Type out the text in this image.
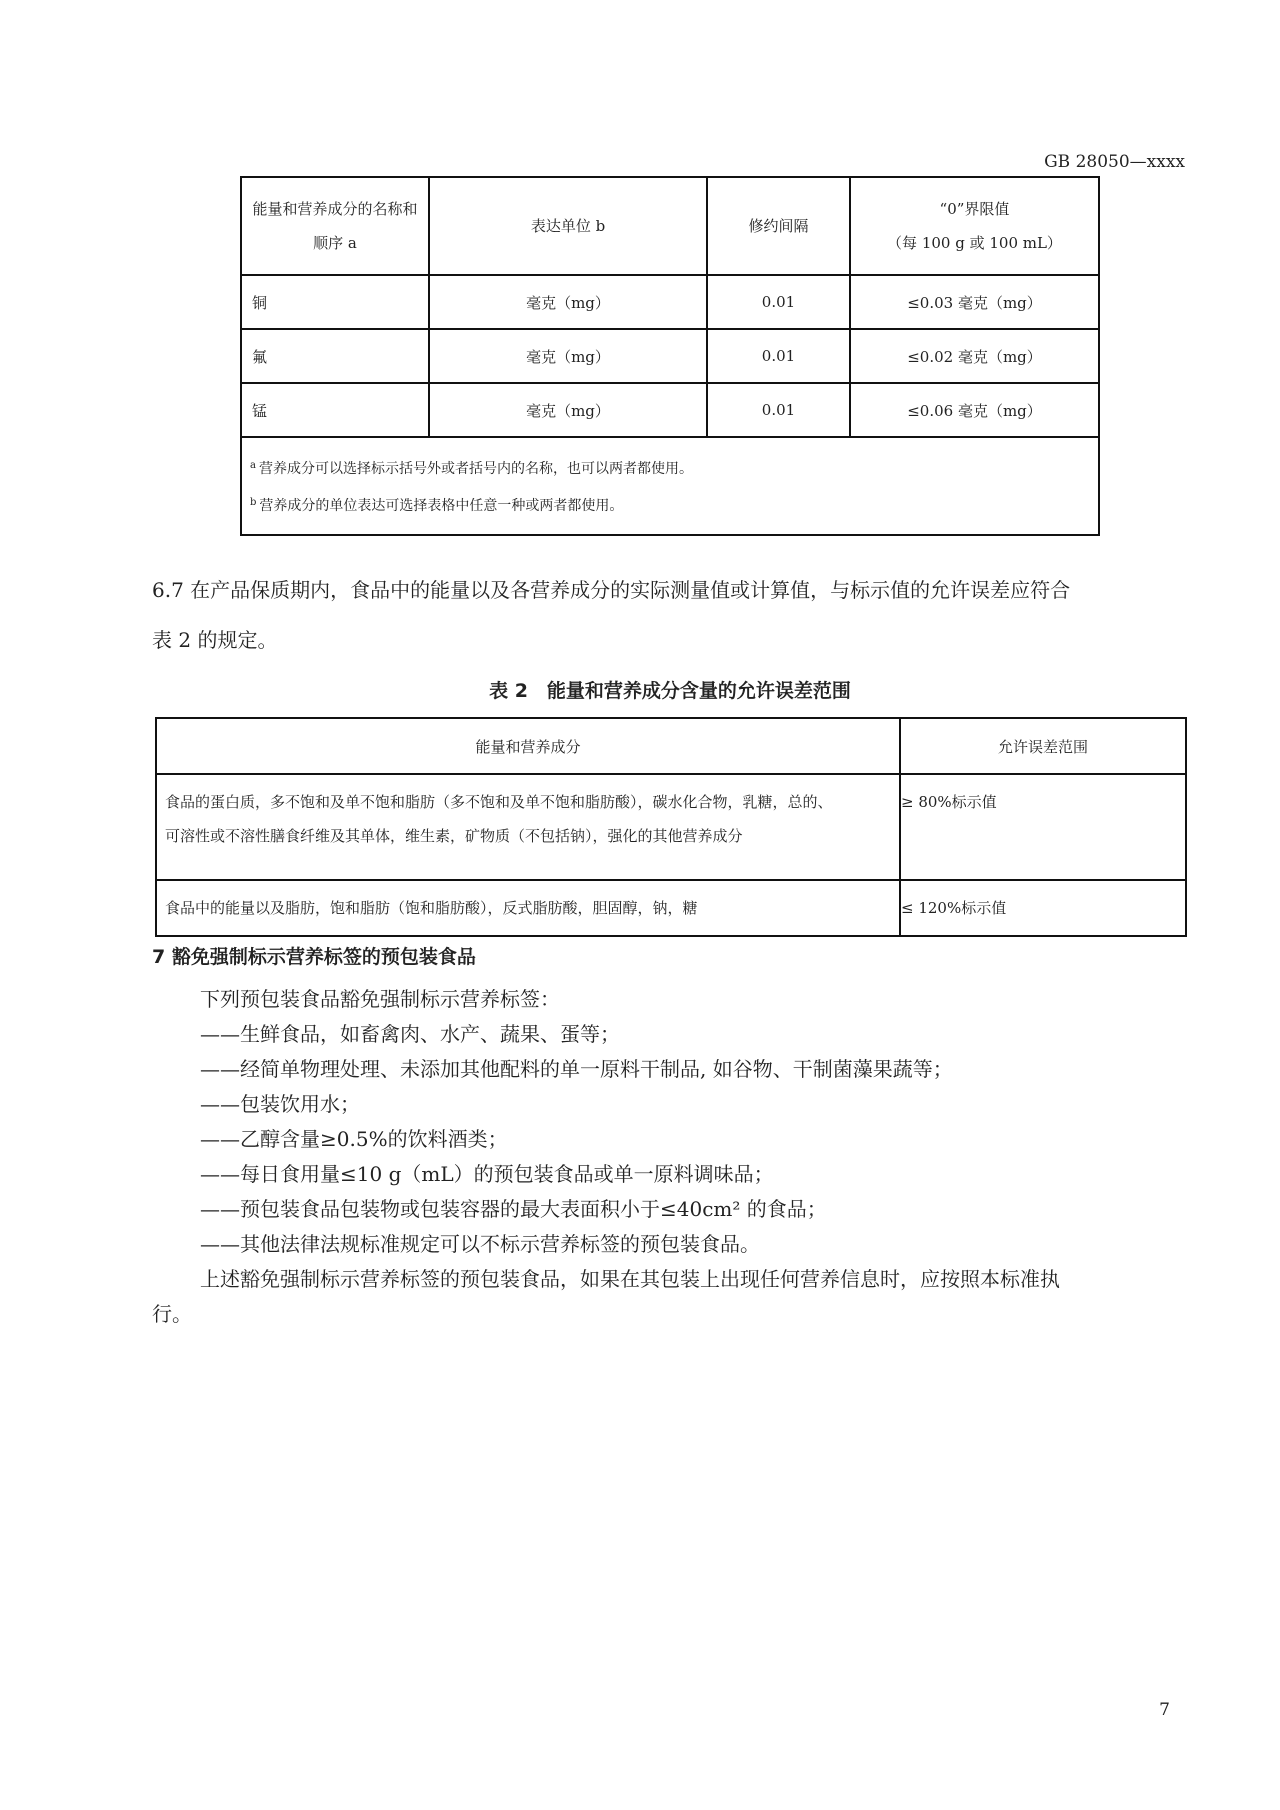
GB 28050—xxxx
能量和营养成分的名称和
顺序 a	表达单位 b	修约间隔	“0”界限值
（每 100 g 或 100 mL）
铜	毫克（mg）	0.01	≤0.03 毫克（mg）
氟	毫克（mg）	0.01	≤0.02 毫克（mg）
锰	毫克（mg）	0.01	≤0.06 毫克（mg）

$^a$ 营养成分可以选择标示括号外或者括号内的名称，也可以两者都使用。
$^b$ 营养成分的单位表达可选择表格中任意一种或两者都使用。			
6.7 在产品保质期内，食品中的能量以及各营养成分的实际测量值或计算值，与标示值的允许误差应符合
表 2 的规定。
表 2　能量和营养成分含量的允许误差范围
能量和营养成分	允许误差范围

食品的蛋白质，多不饱和及单不饱和脂肪（多不饱和及单不饱和脂肪酸），碳水化合物，乳糖，总的、
可溶性或不溶性膳食纤维及其单体，维生素，矿物质（不包括钠），强化的其他营养成分	≥ 80%标示值

食品中的能量以及脂肪，饱和脂肪（饱和脂肪酸），反式脂肪酸，胆固醇，钠，糖	≤ 120%标示值
7 豁免强制标示营养标签的预包装食品
下列预包装食品豁免强制标示营养标签：
——生鲜食品，如畜禽肉、水产、蔬果、蛋等；
——经简单物理处理、未添加其他配料的单一原料干制品, 如谷物、干制菌藻果蔬等；
——包装饮用水；
——乙醇含量≥0.5%的饮料酒类；
——每日食用量≤10 g（mL）的预包装食品或单一原料调味品；
——预包装食品包装物或包装容器的最大表面积小于≤40cm² 的食品；
——其他法律法规标准规定可以不标示营养标签的预包装食品。
上述豁免强制标示营养标签的预包装食品，如果在其包装上出现任何营养信息时，应按照本标准执
行。
7
